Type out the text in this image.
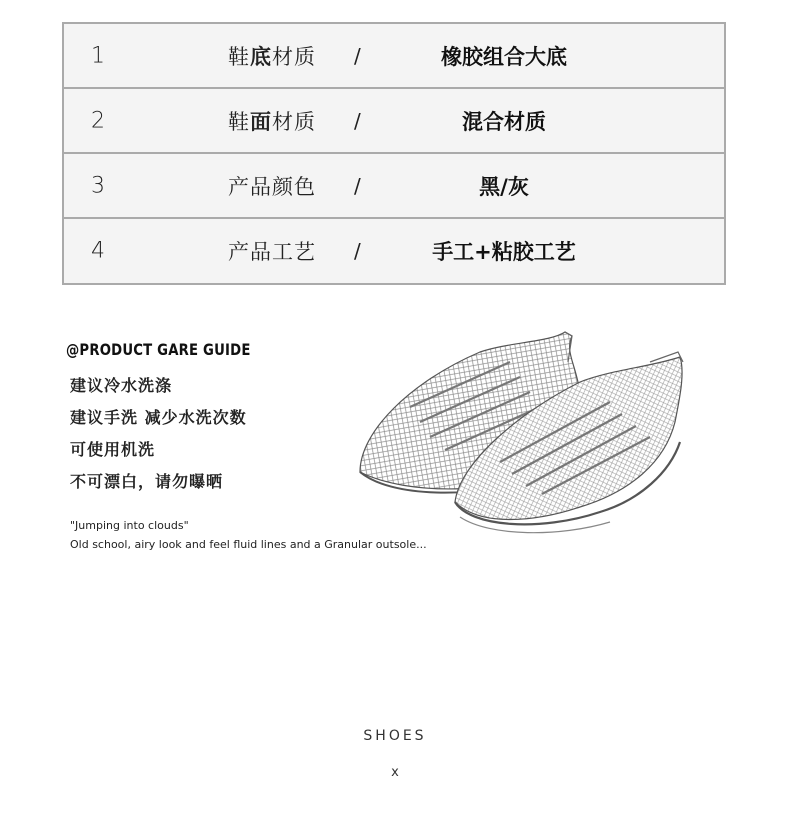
1	鞋底材质 /	橡胶组合大底
2	鞋面材质 /	混合材质
3	产品颜色 /	黑/灰
4	产品工艺 /	手工+粘胶工艺
@PRODUCT GARE GUIDE
建议冷水洗涤
建议手洗 减少水洗次数
可使用机洗
不可漂白，请勿曝晒
"Jumping into clouds"
Old school, airy look and feel fluid lines and a Granular outsole...
SHOES
x
